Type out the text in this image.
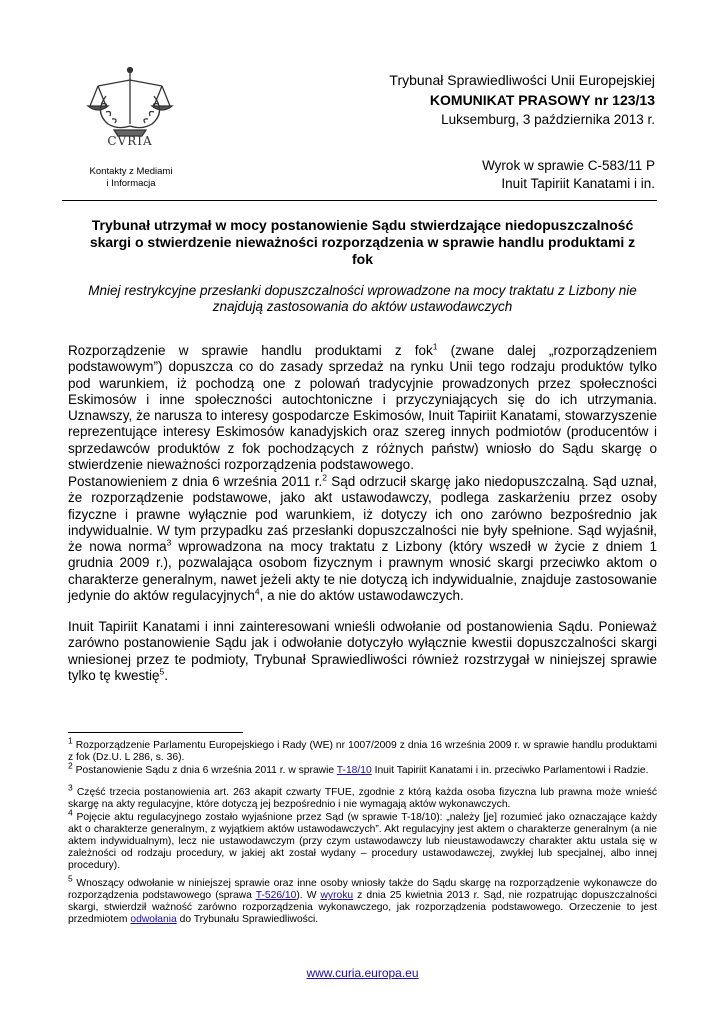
CVRIA
Kontakty z Mediami
i Informacja
Trybunał Sprawiedliwości Unii Europejskiej
KOMUNIKAT PRASOWY nr 123/13
Luksemburg, 3 października 2013 r.
Wyrok w sprawie C-583/11 P
Inuit Tapiriit Kanatami i in.
Trybunał utrzymał w mocy postanowienie Sądu stwierdzające niedopuszczalność skargi o stwierdzenie nieważności rozporządzenia w sprawie handlu produktami z fok
Mniej restrykcyjne przesłanki dopuszczalności wprowadzone na mocy traktatu z Lizbony nie znajdują zastosowania do aktów ustawodawczych
Rozporządzenie w sprawie handlu produktami z fok$^1$ (zwane dalej „rozporządzeniem podstawowym”) dopuszcza co do zasady sprzedaż na rynku Unii tego rodzaju produktów tylko pod warunkiem, iż pochodzą one z polowań tradycyjnie prowadzonych przez społeczności Eskimosów i inne społeczności autochtoniczne i przyczyniających się do ich utrzymania. Uznawszy, że narusza to interesy gospodarcze Eskimosów, Inuit Tapiriit Kanatami, stowarzyszenie reprezentujące interesy Eskimosów kanadyjskich oraz szereg innych podmiotów (producentów i sprzedawców produktów z fok pochodzących z różnych państw) wniosło do Sądu skargę o stwierdzenie nieważności rozporządzenia podstawowego.
Postanowieniem z dnia 6 września 2011 r.$^2$ Sąd odrzucił skargę jako niedopuszczalną. Sąd uznał, że rozporządzenie podstawowe, jako akt ustawodawczy, podlega zaskarżeniu przez osoby fizyczne i prawne wyłącznie pod warunkiem, iż dotyczy ich ono zarówno bezpośrednio jak indywidualnie. W tym przypadku zaś przesłanki dopuszczalności nie były spełnione. Sąd wyjaśnił, że nowa norma$^3$ wprowadzona na mocy traktatu z Lizbony (który wszedł w życie z dniem 1 grudnia 2009 r.), pozwalająca osobom fizycznym i prawnym wnosić skargi przeciwko aktom o charakterze generalnym, nawet jeżeli akty te nie dotyczą ich indywidualnie, znajduje zastosowanie jedynie do aktów regulacyjnych$^4$, a nie do aktów ustawodawczych.
Inuit Tapiriit Kanatami i inni zainteresowani wnieśli odwołanie od postanowienia Sądu. Ponieważ zarówno postanowienie Sądu jak i odwołanie dotyczyło wyłącznie kwestii dopuszczalności skargi wniesionej przez te podmioty, Trybunał Sprawiedliwości również rozstrzygał w niniejszej sprawie tylko tę kwestię$^5$.
$^1$ Rozporządzenie Parlamentu Europejskiego i Rady (WE) nr 1007/2009 z dnia 16 września 2009 r. w sprawie handlu produktami z fok (Dz.U. L 286, s. 36).
$^2$ Postanowienie Sądu z dnia 6 września 2011 r. w sprawie T-18/10 Inuit Tapiriit Kanatami i in. przeciwko Parlamentowi i Radzie.
$^3$ Część trzecia postanowienia art. 263 akapit czwarty TFUE, zgodnie z którą każda osoba fizyczna lub prawna może wnieść skargę na akty regulacyjne, które dotyczą jej bezpośrednio i nie wymagają aktów wykonawczych.
$^4$ Pojęcie aktu regulacyjnego zostało wyjaśnione przez Sąd (w sprawie T-18/10): „należy [je] rozumieć jako oznaczające każdy akt o charakterze generalnym, z wyjątkiem aktów ustawodawczych”. Akt regulacyjny jest aktem o charakterze generalnym (a nie aktem indywidualnym), lecz nie ustawodawczym (przy czym ustawodawczy lub nieustawodawczy charakter aktu ustala się w zależności od rodzaju procedury, w jakiej akt został wydany – procedury ustawodawczej, zwykłej lub specjalnej, albo innej procedury).
$^5$ Wnoszący odwołanie w niniejszej sprawie oraz inne osoby wniosły także do Sądu skargę na rozporządzenie wykonawcze do rozporządzenia podstawowego (sprawa T-526/10). W wyroku z dnia 25 kwietnia 2013 r. Sąd, nie rozpatrując dopuszczalności skargi, stwierdził ważność zarówno rozporządzenia wykonawczego, jak rozporządzenia podstawowego. Orzeczenie to jest przedmiotem odwołania do Trybunału Sprawiedliwości.
www.curia.europa.eu
